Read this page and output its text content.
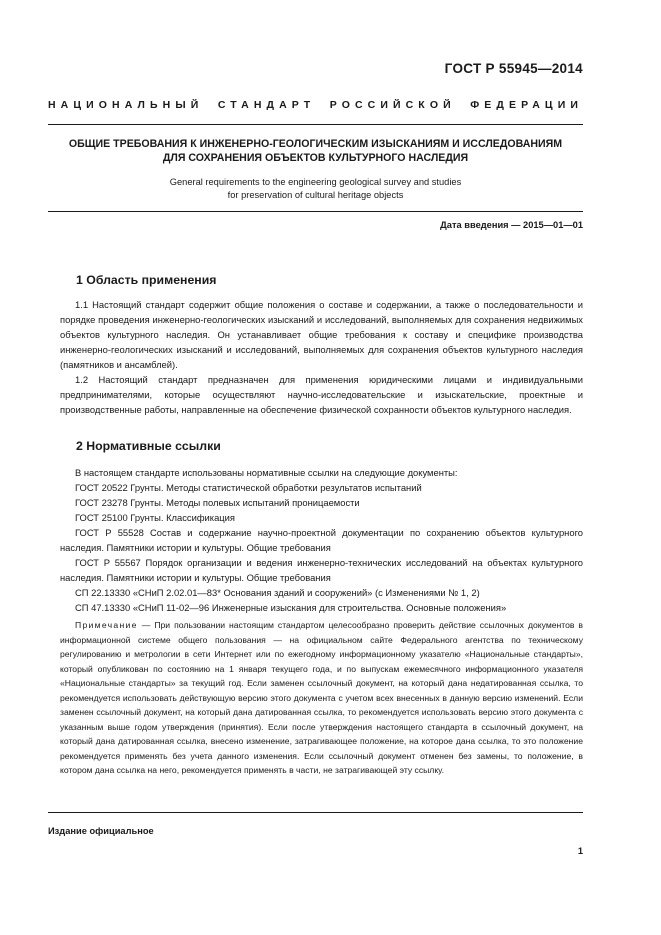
ГОСТ Р 55945—2014
НАЦИОНАЛЬНЫЙ СТАНДАРТ РОССИЙСКОЙ ФЕДЕРАЦИИ
ОБЩИЕ ТРЕБОВАНИЯ К ИНЖЕНЕРНО-ГЕОЛОГИЧЕСКИМ ИЗЫСКАНИЯМ И ИССЛЕДОВАНИЯМ
ДЛЯ СОХРАНЕНИЯ ОБЪЕКТОВ КУЛЬТУРНОГО НАСЛЕДИЯ
General requirements to the engineering geological survey and studies
for preservation of cultural heritage objects
Дата введения — 2015—01—01
1 Область применения

1.1 Настоящий стандарт содержит общие положения о составе и содержании, а также о последовательности и порядке проведения инженерно-геологических изысканий и исследований, выполняемых для сохранения недвижимых объектов культурного наследия. Он устанавливает общие требования к составу и специфике производства инженерно-геологических изысканий и исследований, выполняемых для сохранения объектов культурного наследия (памятников и ансамблей).

1.2 Настоящий стандарт предназначен для применения юридическими лицами и индивидуальными предпринимателями, которые осуществляют научно-исследовательские и изыскательские, проектные и производственные работы, направленные на обеспечение физической сохранности объектов культурного наследия.

2 Нормативные ссылки

В настоящем стандарте использованы нормативные ссылки на следующие документы:

ГОСТ 20522 Грунты. Методы статистической обработки результатов испытаний

ГОСТ 23278 Грунты. Методы полевых испытаний проницаемости

ГОСТ 25100 Грунты. Классификация

ГОСТ Р 55528 Состав и содержание научно-проектной документации по сохранению объектов культурного наследия. Памятники истории и культуры. Общие требования

ГОСТ Р 55567 Порядок организации и ведения инженерно-технических исследований на объектах культурного наследия. Памятники истории и культуры. Общие требования

СП 22.13330 «СНиП 2.02.01—83* Основания зданий и сооружений» (с Изменениями № 1, 2)

СП 47.13330 «СНиП 11-02—96 Инженерные изыскания для строительства. Основные положения»

Примечание — При пользовании настоящим стандартом целесообразно проверить действие ссылочных документов в информационной системе общего пользования — на официальном сайте Федерального агентства по техническому регулированию и метрологии в сети Интернет или по ежегодному информационному указателю «Национальные стандарты», который опубликован по состоянию на 1 января текущего года, и по выпускам ежемесячного информационного указателя «Национальные стандарты» за текущий год. Если заменен ссылочный документ, на который дана недатированная ссылка, то рекомендуется использовать действующую версию этого документа с учетом всех внесенных в данную версию изменений. Если заменен ссылочный документ, на который дана датированная ссылка, то рекомендуется использовать версию этого документа с указанным выше годом утверждения (принятия). Если после утверждения настоящего стандарта в ссылочный документ, на который дана датированная ссылка, внесено изменение, затрагивающее положение, на которое дана ссылка, то это положение рекомендуется применять без учета данного изменения. Если ссылочный документ отменен без замены, то положение, в котором дана ссылка на него, рекомендуется применять в части, не затрагивающей эту ссылку.

Издание официальное
1
